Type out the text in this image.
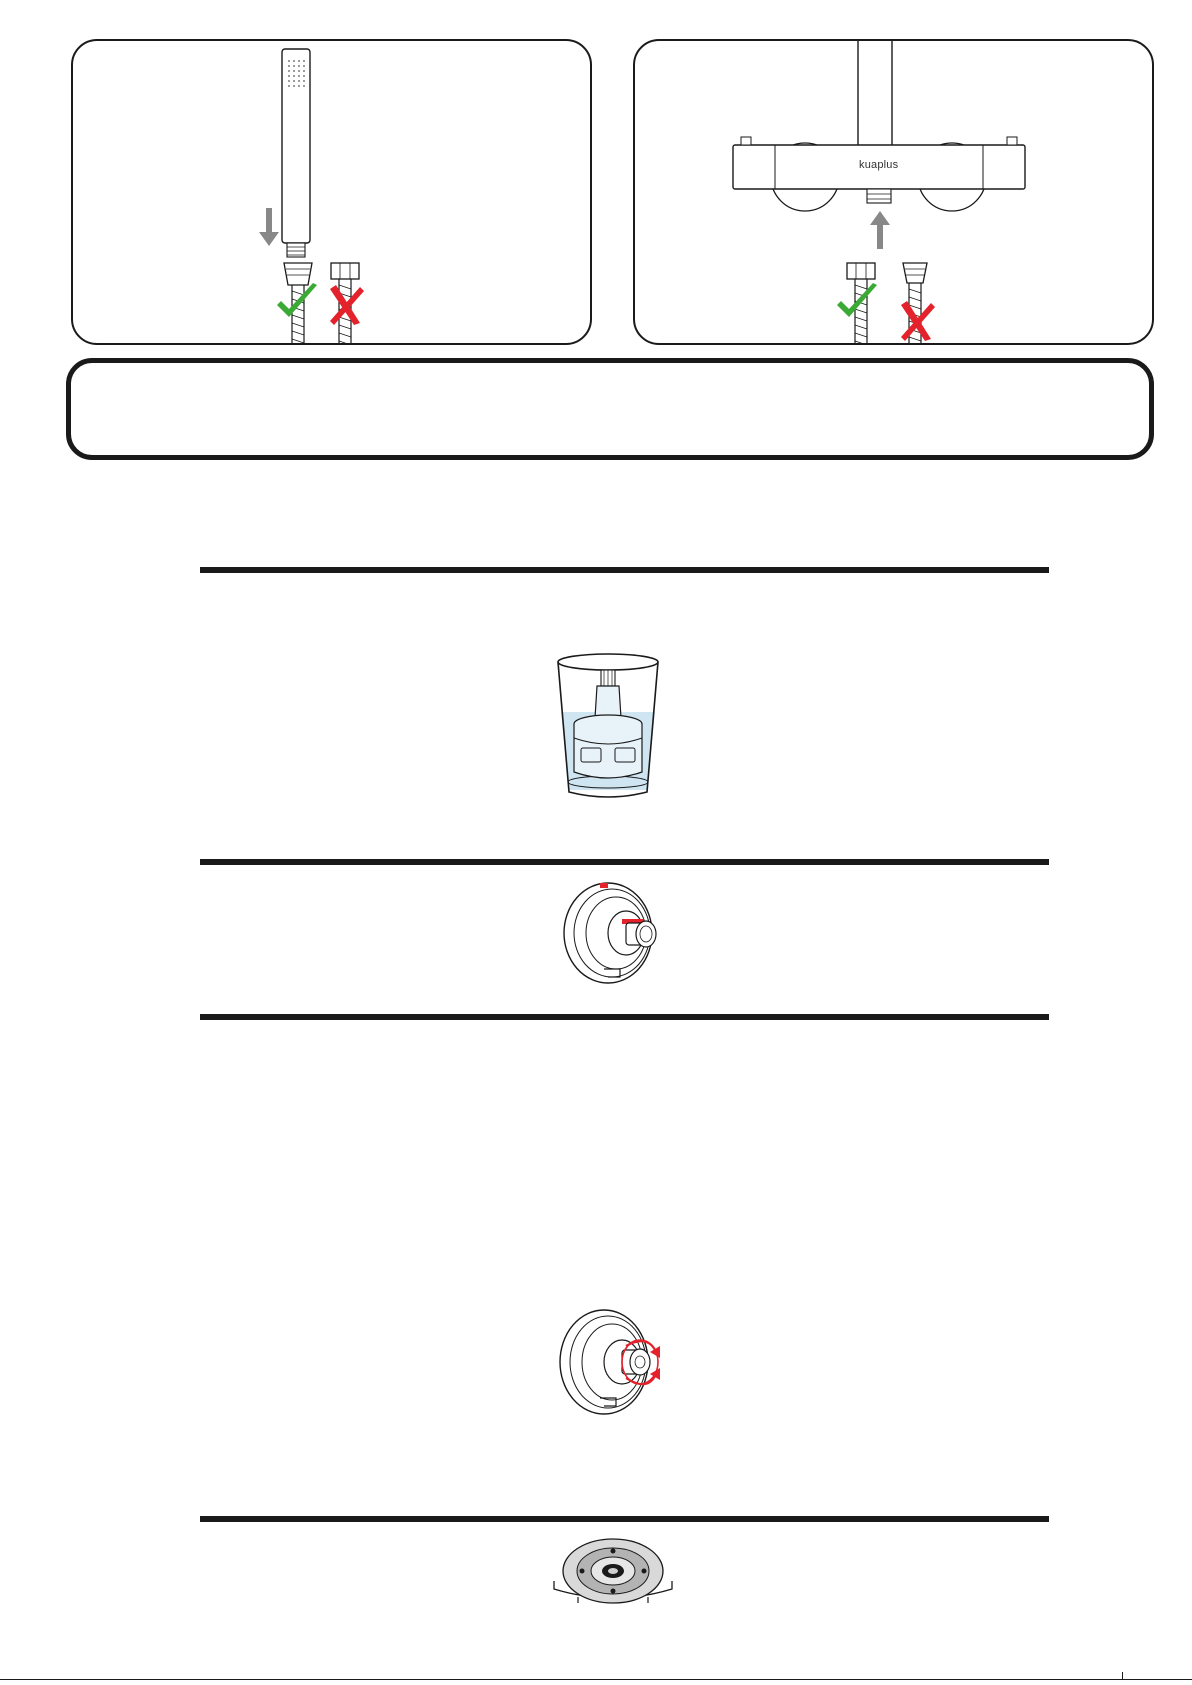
kuaplus
